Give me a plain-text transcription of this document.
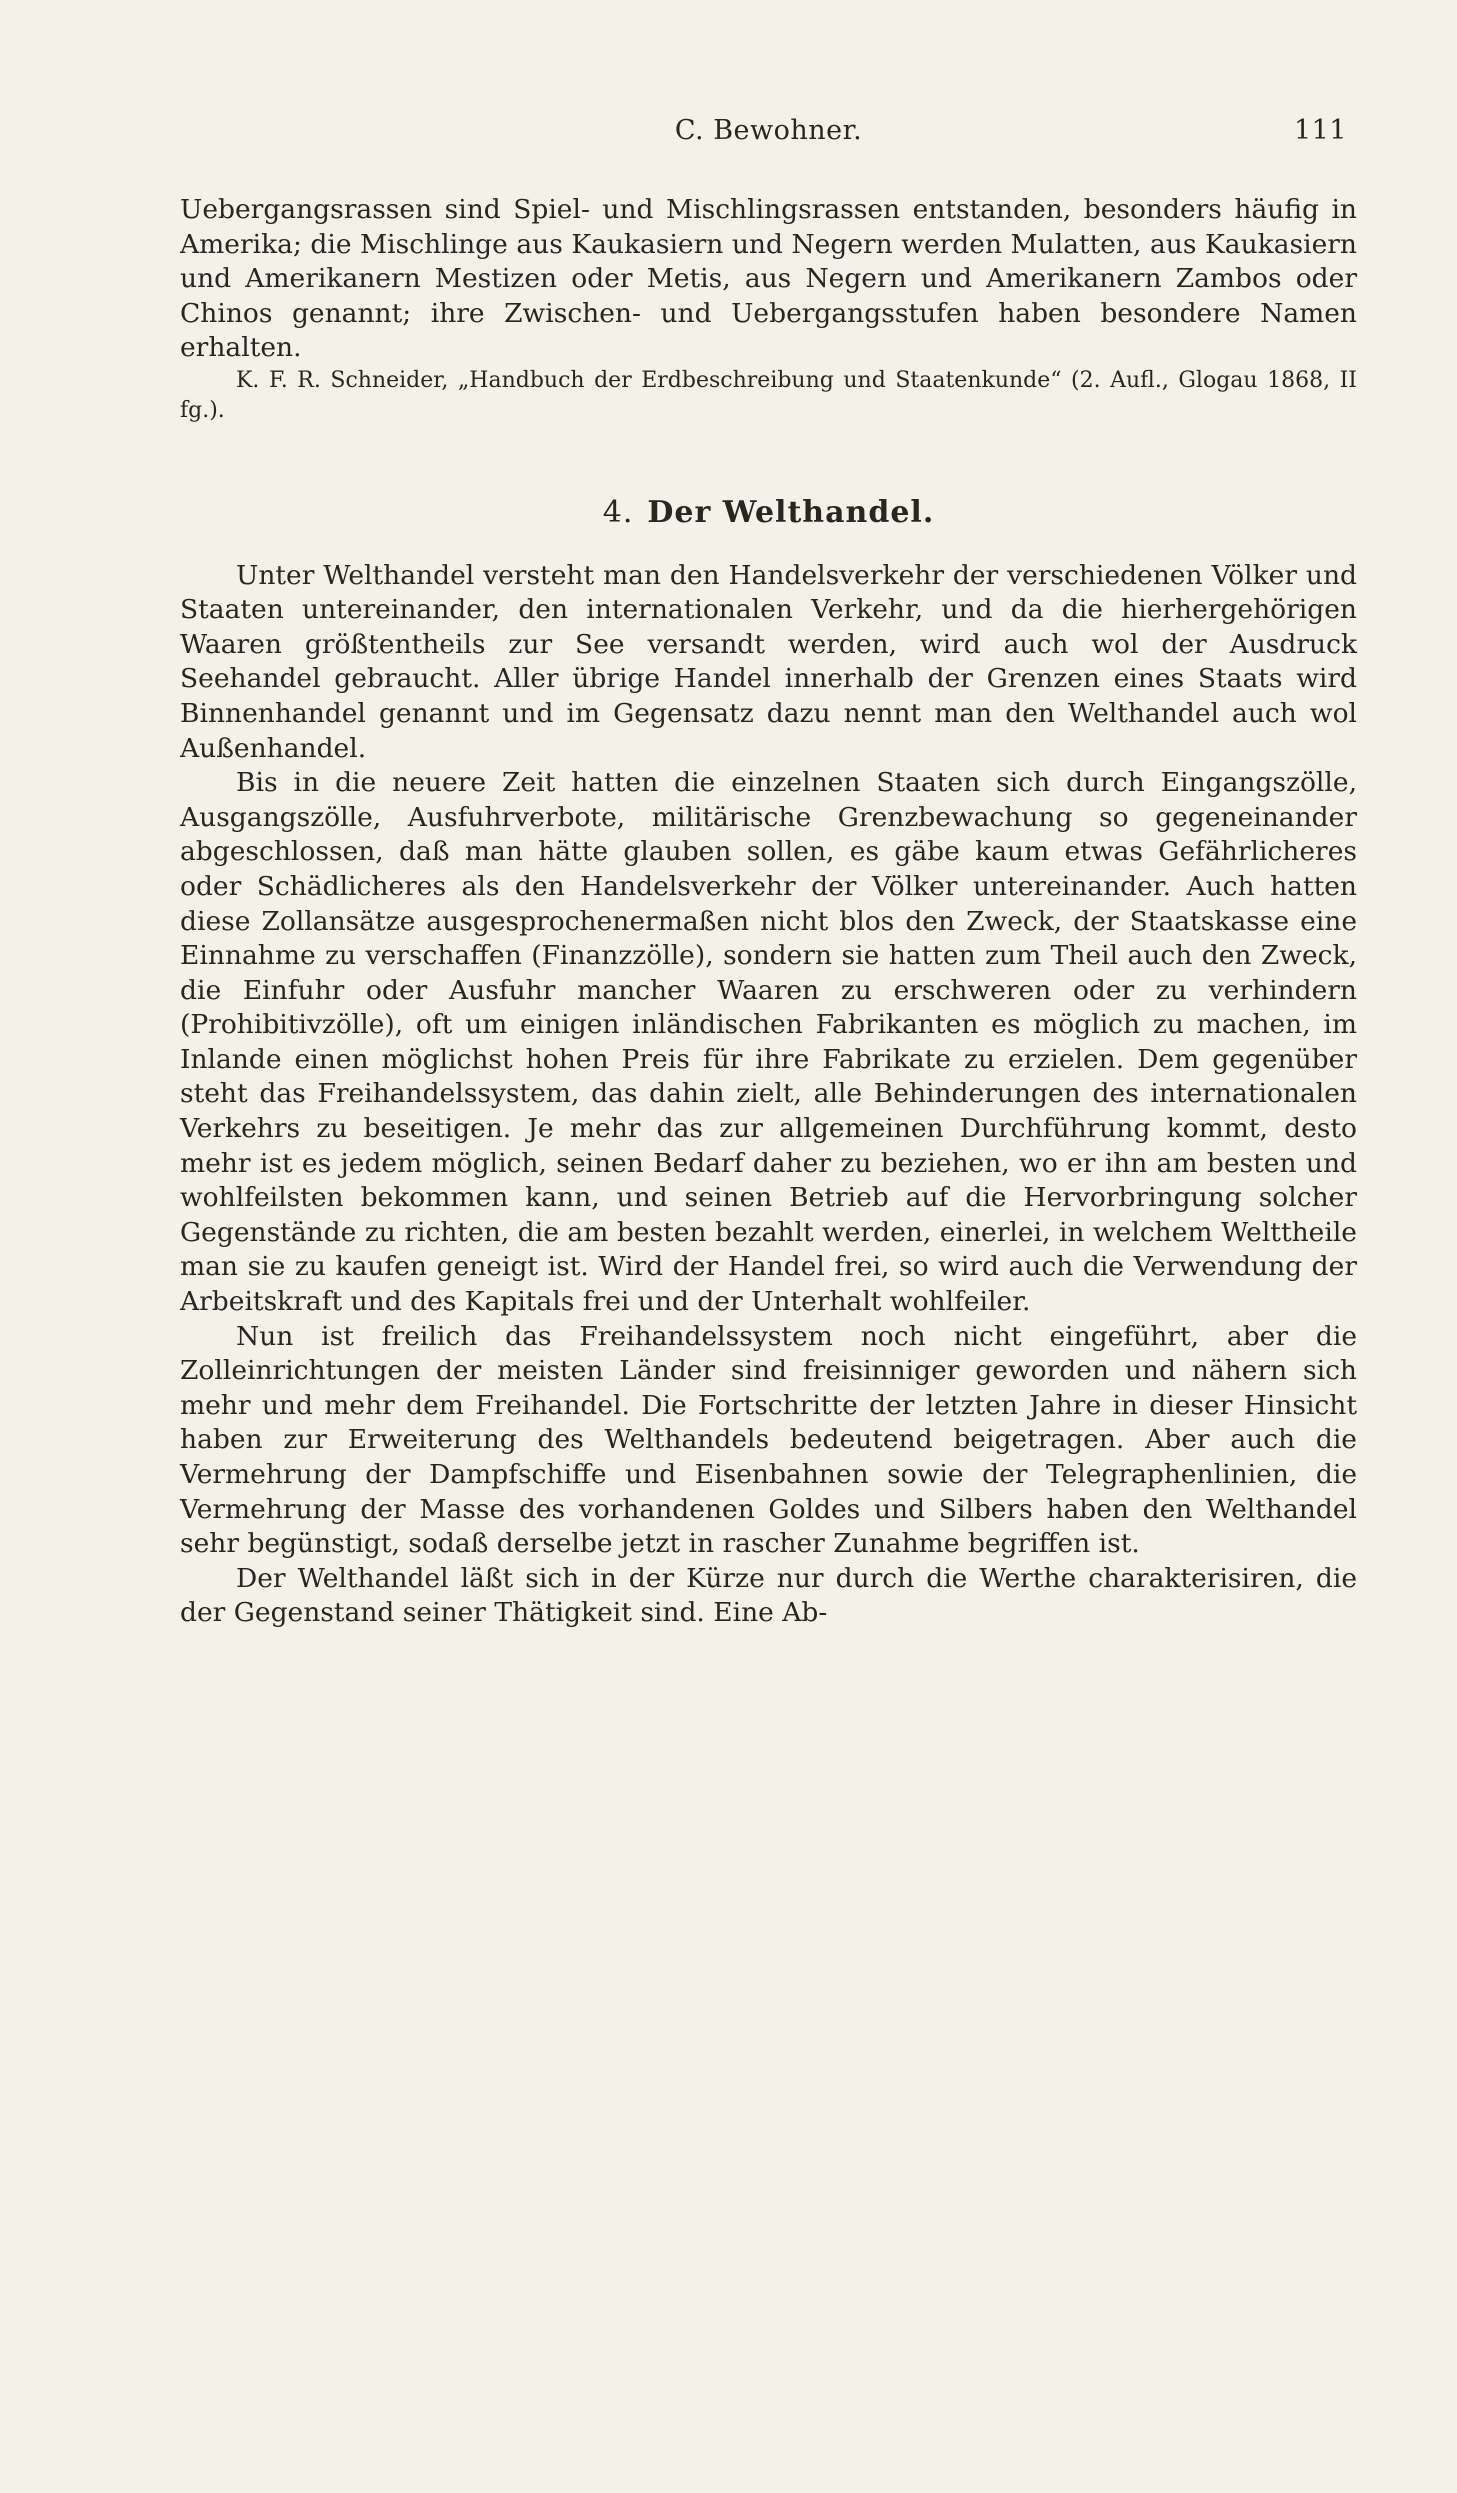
C. Bewohner.	111

Uebergangsrassen sind Spiel- und Mischlingsrassen entstanden, besonders häufig in Amerika; die Mischlinge aus Kaukasiern und Negern werden Mulatten, aus Kaukasiern und Amerikanern Mestizen oder Metis, aus Negern und Amerikanern Zambos oder Chinos genannt; ihre Zwischen- und Uebergangsstufen haben besondere Namen erhalten.

K. F. R. Schneider, „Handbuch der Erdbeschreibung und Staatenkunde“ (2. Aufl., Glogau 1868, II fg.).

4. Der Welthandel.

Unter Welthandel versteht man den Handelsverkehr der verschiedenen Völker und Staaten untereinander, den internationalen Verkehr, und da die hierhergehörigen Waaren größtentheils zur See versandt werden, wird auch wol der Ausdruck Seehandel gebraucht. Aller übrige Handel innerhalb der Grenzen eines Staats wird Binnenhandel genannt und im Gegensatz dazu nennt man den Welthandel auch wol Außenhandel.

Bis in die neuere Zeit hatten die einzelnen Staaten sich durch Eingangszölle, Ausgangszölle, Ausfuhrverbote, militärische Grenzbewachung so gegeneinander abgeschlossen, daß man hätte glauben sollen, es gäbe kaum etwas Gefährlicheres oder Schädlicheres als den Handelsverkehr der Völker untereinander. Auch hatten diese Zollansätze ausgesprochenermaßen nicht blos den Zweck, der Staatskasse eine Einnahme zu verschaffen (Finanzzölle), sondern sie hatten zum Theil auch den Zweck, die Einfuhr oder Ausfuhr mancher Waaren zu erschweren oder zu verhindern (Prohibitivzölle), oft um einigen inländischen Fabrikanten es möglich zu machen, im Inlande einen möglichst hohen Preis für ihre Fabrikate zu erzielen. Dem gegenüber steht das Freihandelssystem, das dahin zielt, alle Behinderungen des internationalen Verkehrs zu beseitigen. Je mehr das zur allgemeinen Durchführung kommt, desto mehr ist es jedem möglich, seinen Bedarf daher zu beziehen, wo er ihn am besten und wohlfeilsten bekommen kann, und seinen Betrieb auf die Hervorbringung solcher Gegenstände zu richten, die am besten bezahlt werden, einerlei, in welchem Welttheile man sie zu kaufen geneigt ist. Wird der Handel frei, so wird auch die Verwendung der Arbeitskraft und des Kapitals frei und der Unterhalt wohlfeiler.

Nun ist freilich das Freihandelssystem noch nicht eingeführt, aber die Zolleinrichtungen der meisten Länder sind freisinniger geworden und nähern sich mehr und mehr dem Freihandel. Die Fortschritte der letzten Jahre in dieser Hinsicht haben zur Erweiterung des Welthandels bedeutend beigetragen. Aber auch die Vermehrung der Dampfschiffe und Eisenbahnen sowie der Telegraphenlinien, die Vermehrung der Masse des vorhandenen Goldes und Silbers haben den Welthandel sehr begünstigt, sodaß derselbe jetzt in rascher Zunahme begriffen ist.

Der Welthandel läßt sich in der Kürze nur durch die Werthe charakterisiren, die der Gegenstand seiner Thätigkeit sind. Eine Ab-
